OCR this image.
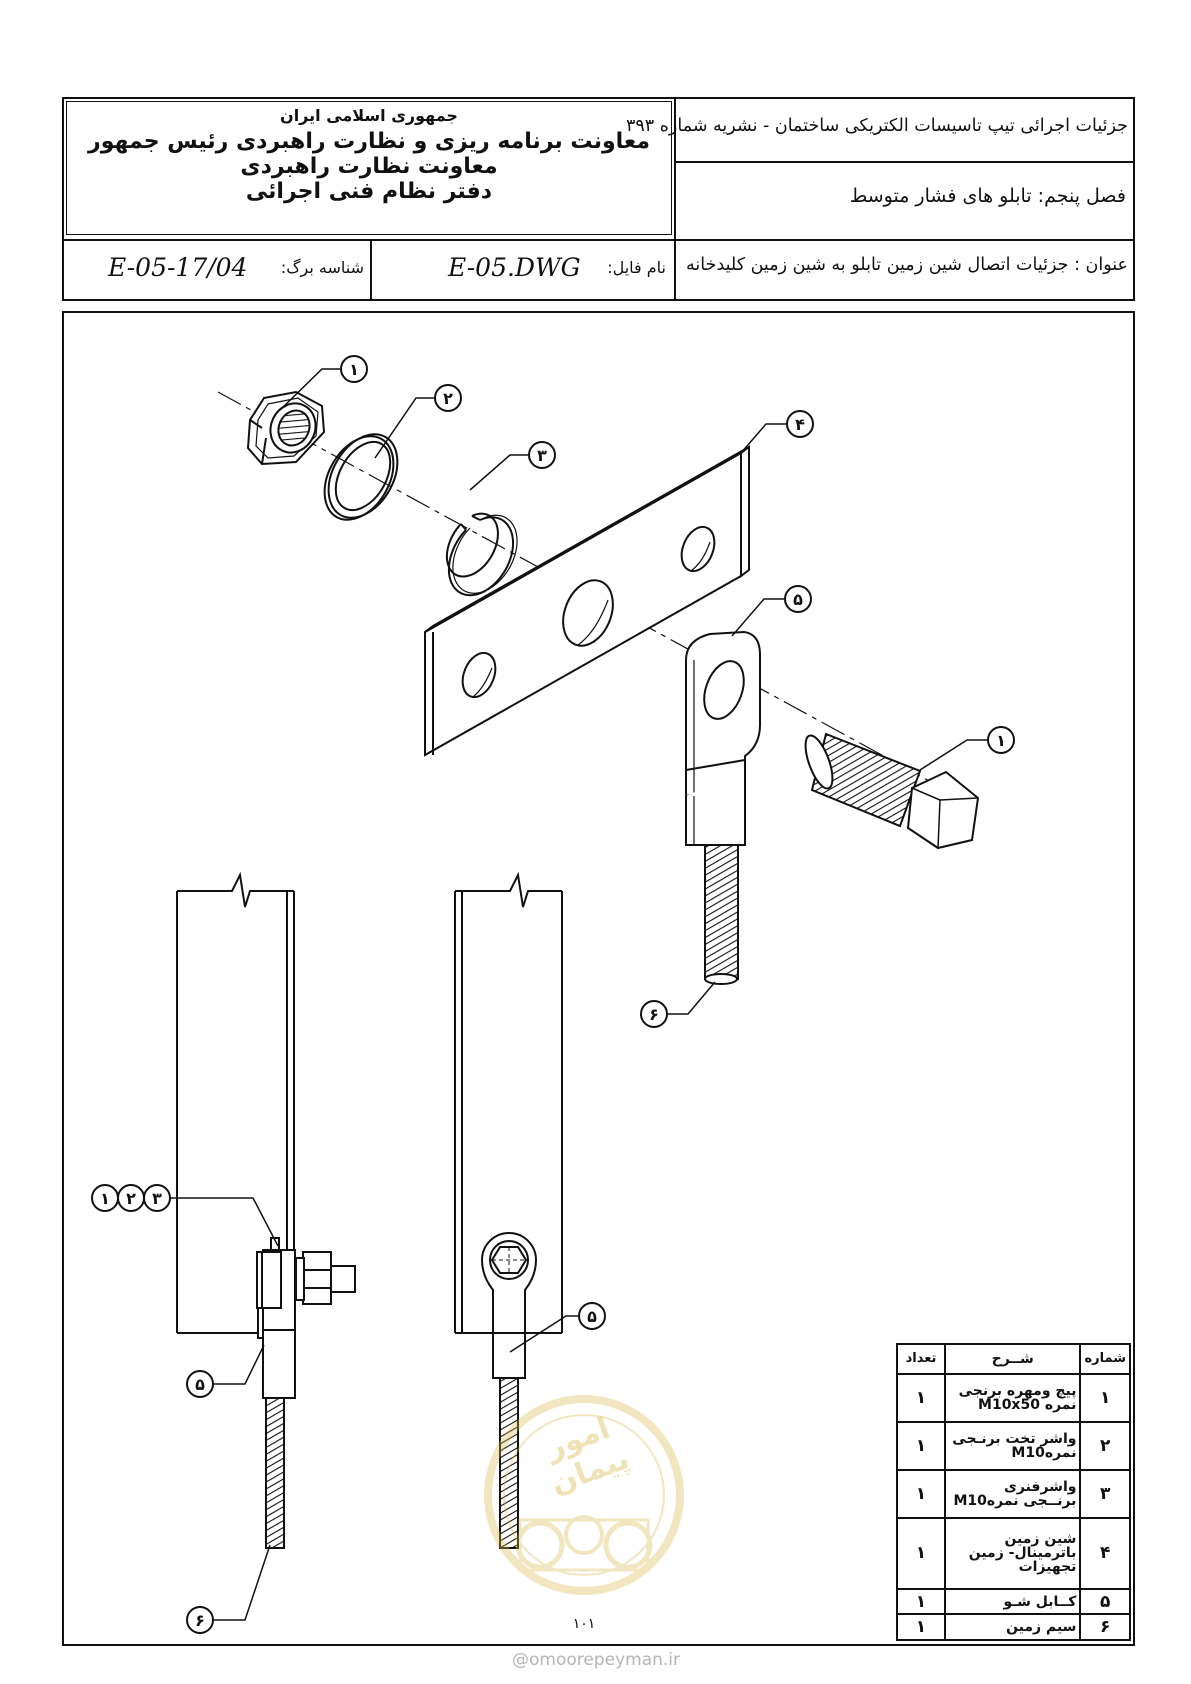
جمهوری اسلامی ایران
معاونت برنامه ریزی و نظارت راهبردی رئیس جمهور
معاونت نظارت راهبردی
دفتر نظام فنی اجرائی
جزئیات اجرائی تیپ تاسیسات الکتریکی ساختمان - نشریه شماره ۳۹۳
فصل پنجم: تابلو های فشار متوسط
عنوان : جزئیات اتصال شین زمین تابلو به شین زمین کلیدخانه
نام فایل:
E-05.DWG
شناسه برگ:
E-05-17/04
۱
۲
۳
۴
۵
۱
۶
۱ ۲ ۳
۵
۶
۵
امور پیمان
۱۰۱
شماره	شــرح	تعداد
۱	پیچ ومهره برنجی نمره M10x50	۱
۲	واشر تخت برنـجی نمرهM10	۱
۳	واشرفنری برنــجی نمرهM10	۱
۴	شین زمین باترمینال- زمین تجهیزات	۱
۵	کــابل شـو	۱
۶	سیم زمین	۱
@omoorepeyman.ir
